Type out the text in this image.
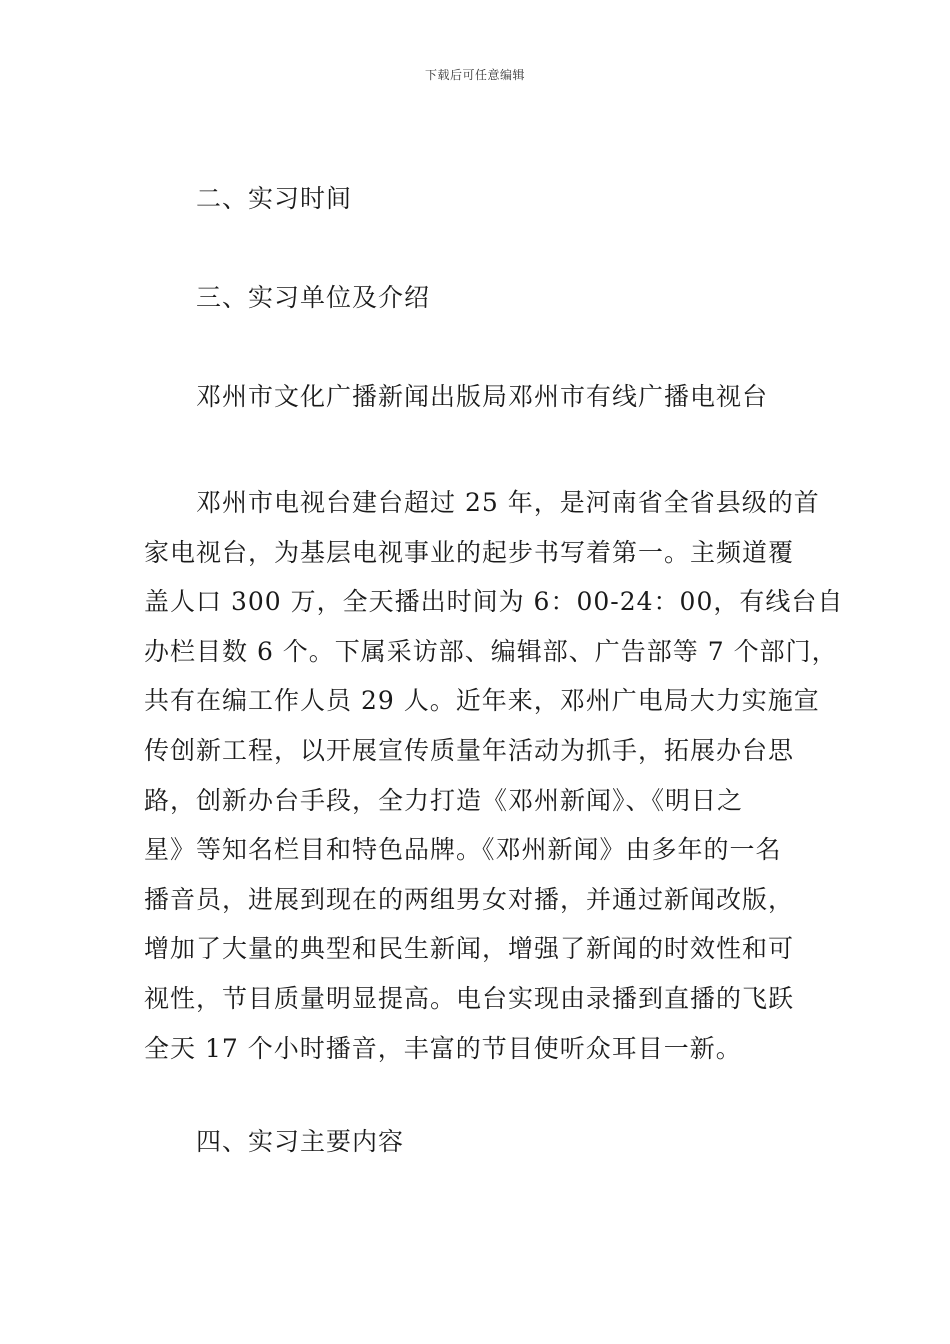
下载后可任意编辑
二、实习时间
三、实习单位及介绍
邓州市文化广播新闻出版局邓州市有线广播电视台
邓州市电视台建台超过 25 年，是河南省全省县级的首
家电视台，为基层电视事业的起步书写着第一。主频道覆
盖人口 300 万，全天播出时间为 6：00-24：00，有线台自
办栏目数 6 个。下属采访部、编辑部、广告部等 7 个部门，
共有在编工作人员 29 人。近年来，邓州广电局大力实施宣
传创新工程，以开展宣传质量年活动为抓手，拓展办台思
路，创新办台手段，全力打造《邓州新闻》、《明日之
星》等知名栏目和特色品牌。《邓州新闻》由多年的一名
播音员，进展到现在的两组男女对播，并通过新闻改版，
增加了大量的典型和民生新闻，增强了新闻的时效性和可
视性，节目质量明显提高。电台实现由录播到直播的飞跃
全天 17 个小时播音，丰富的节目使听众耳目一新。
四、实习主要内容
